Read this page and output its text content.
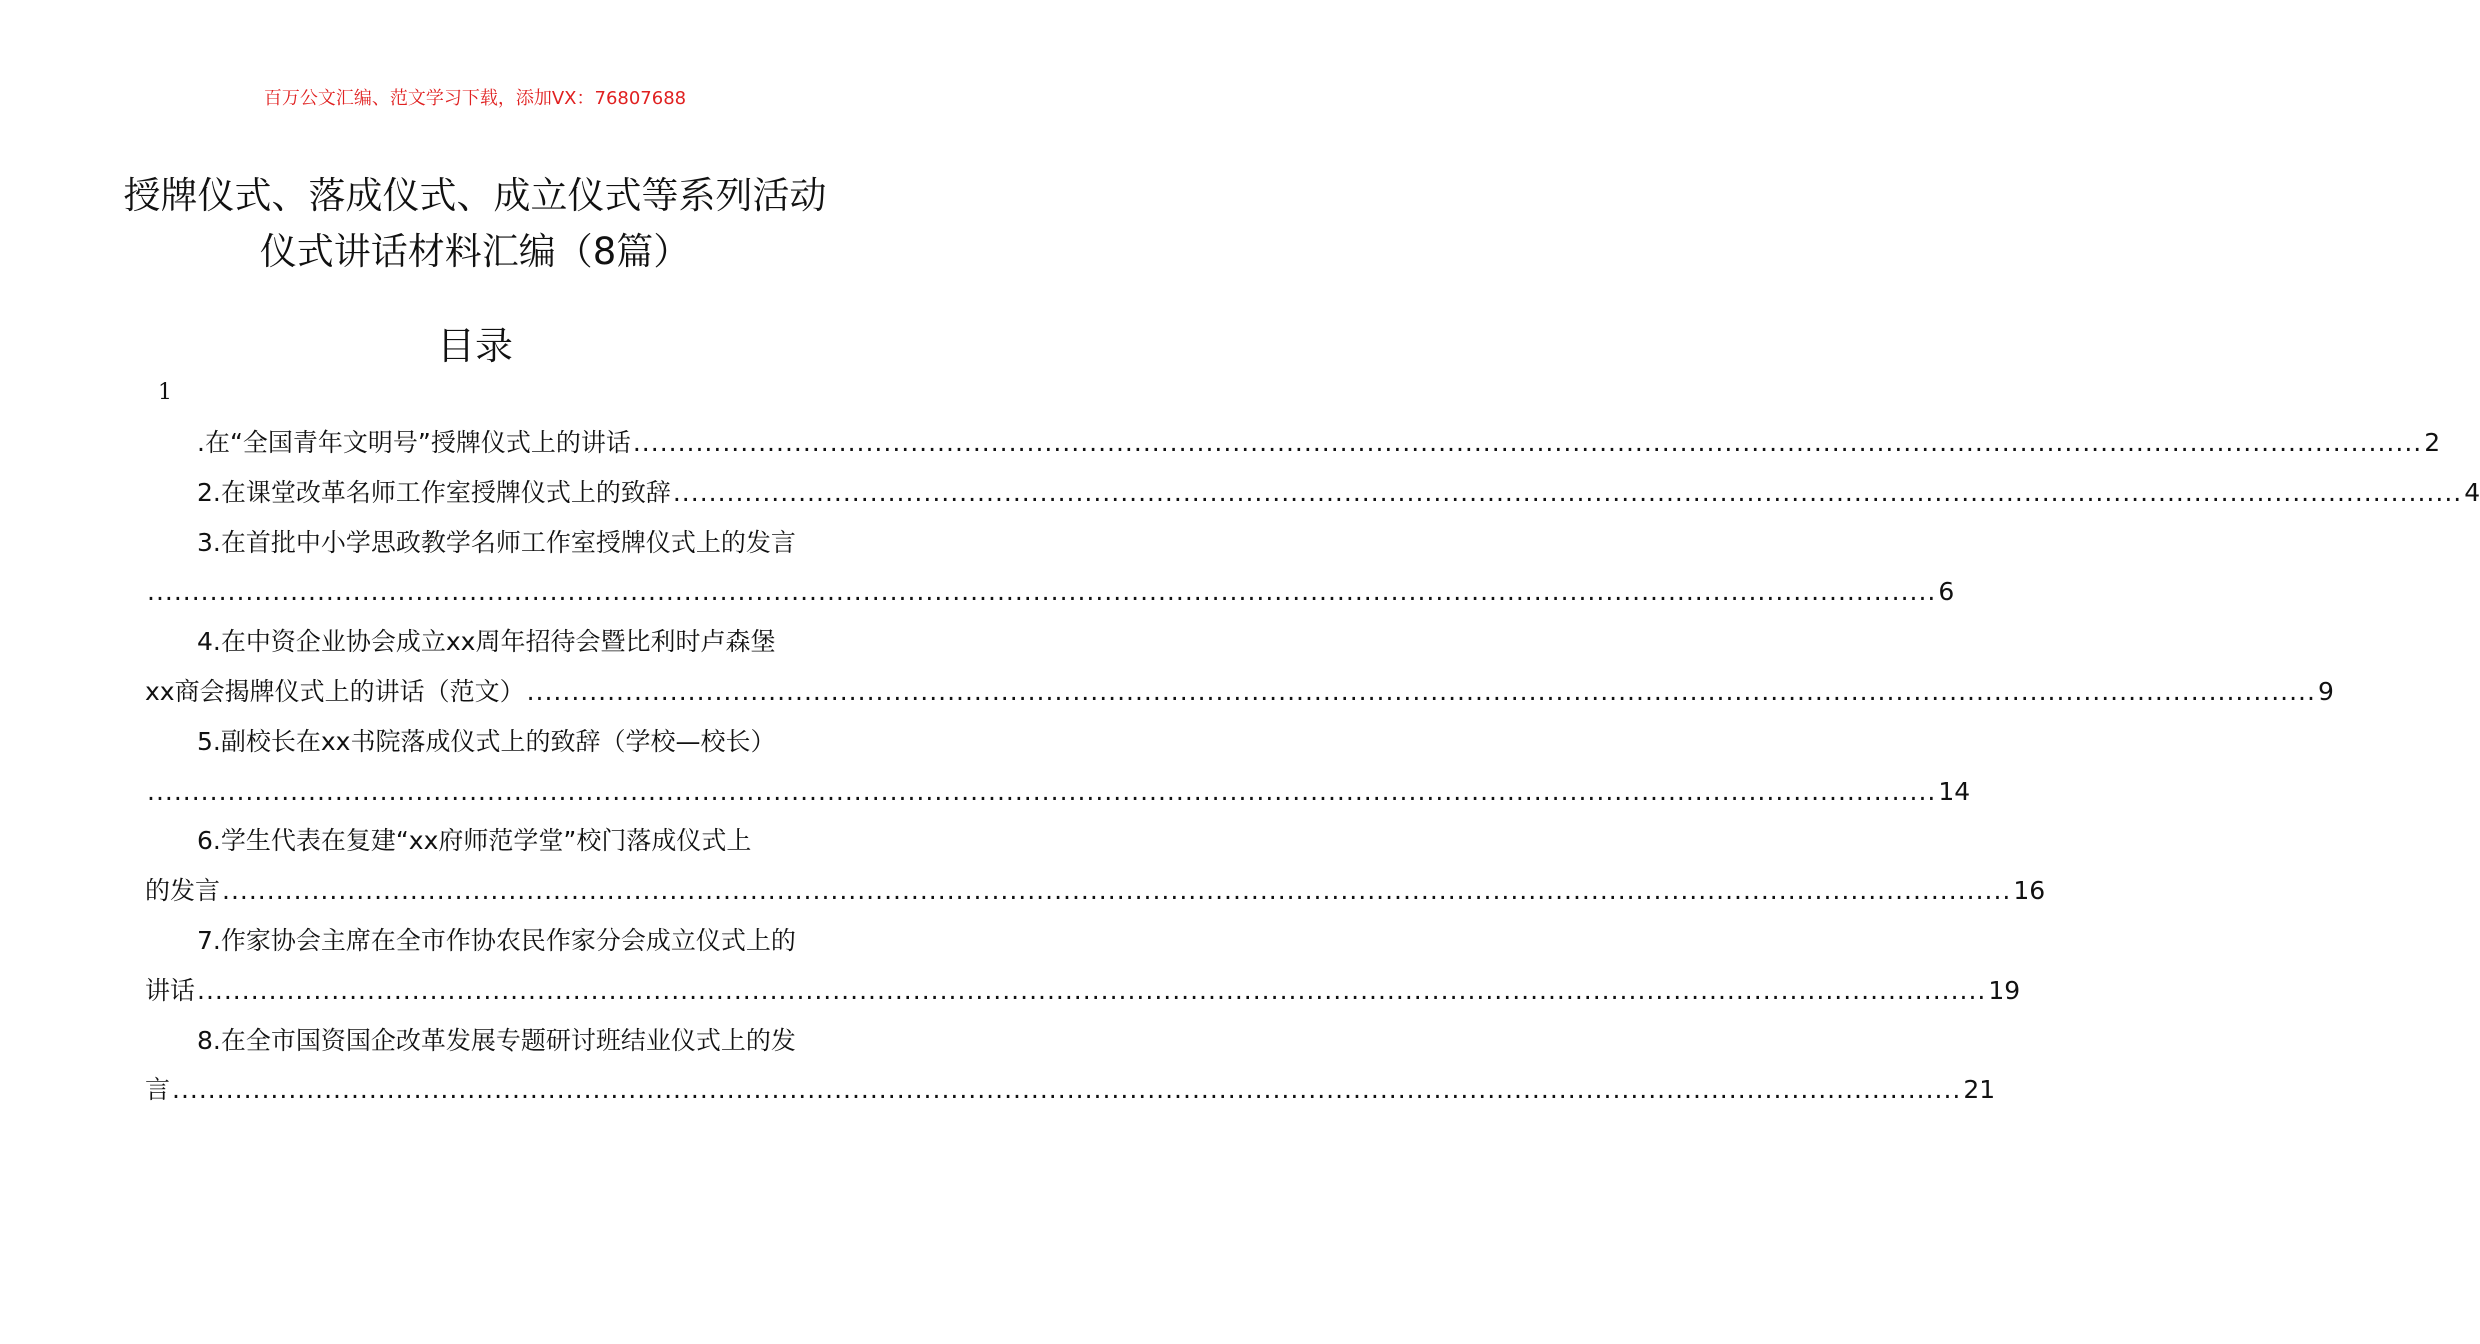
百万公文汇编、范文学习下载，添加VX：76807688
授牌仪式、落成仪式、成立仪式等系列活动仪式讲话材料汇编（8篇）
目录
1
.在“全国青年文明号”授牌仪式上的讲话 ........................................................................................................................................................................................................ 2
2.在课堂改革名师工作室授牌仪式上的致辞 ........................................................................................................................................................................................................ 4
3.在首批中小学思政教学名师工作室授牌仪式上的发言
........................................................................................................................................................................................................ 6
4.在中资企业协会成立xx周年招待会暨比利时卢森堡
xx商会揭牌仪式上的讲话（范文） ........................................................................................................................................................................................................ 9
5.副校长在xx书院落成仪式上的致辞（学校—校长）
........................................................................................................................................................................................................ 14
6.学生代表在复建“xx府师范学堂”校门落成仪式上
的发言 ........................................................................................................................................................................................................ 16
7.作家协会主席在全市作协农民作家分会成立仪式上的
讲话 ........................................................................................................................................................................................................ 19
8.在全市国资国企改革发展专题研讨班结业仪式上的发
言 ........................................................................................................................................................................................................ 21
